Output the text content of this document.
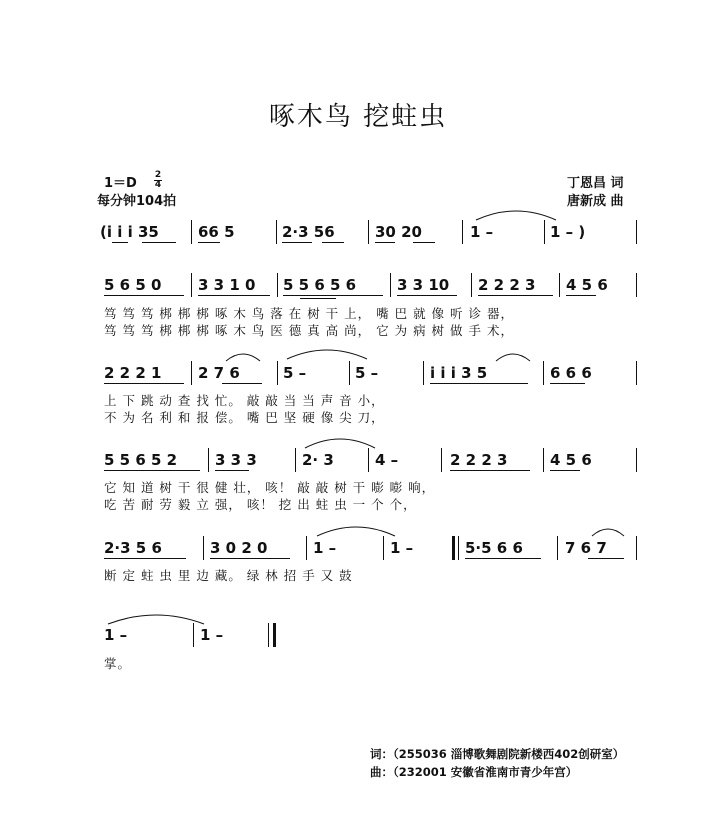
啄木鸟 挖蛀虫
1＝D
2
4
每分钟104拍
丁恩昌 词
唐新成 曲
(i i i 35	66 5	2·3 56	30 20	1 –	1 – )
5 6 5 0 3 3 1 0 5 5 6 5 6	3 3 10 2 2 2 3 4 5 6
笃 笃 笃 梆 梆 梆 啄 木 鸟 落 在 树 干 上， 嘴 巴 就 像 听 诊 器，
笃 笃 笃 梆 梆 梆 啄 木 鸟 医 德 真 高 尚， 它 为 病 树 做 手 术，
2 2 2 1 2 7 6	5 –	5 –	i i i 3 5	6 6 6
上 下 跳 动 查 找 忙。 敲 敲 当 当 声 音 小，
不 为 名 利 和 报 偿。 嘴 巴 坚 硬 像 尖 刀，
5 5 6 5 2	3 3 3	2· 3	4 –	2 2 2 3	4 5 6
它 知 道 树 干 很 健 壮， 咳！ 敲 敲 树 干 嘭 嘭 响，
吃 苦 耐 劳 毅 立 强， 咳！ 挖 出 蛀 虫 一 个 个，
2·3 5 6	3 0 2 0	1 –	1 –	5·5 6 6	7 6 7
断 定 蛀 虫 里 边 藏。 绿 林 招 手 又 鼓
1 –	1 –
掌。
词：（255036 淄博歌舞剧院新楼西402创研室）
曲：（232001 安徽省淮南市青少年宫）
